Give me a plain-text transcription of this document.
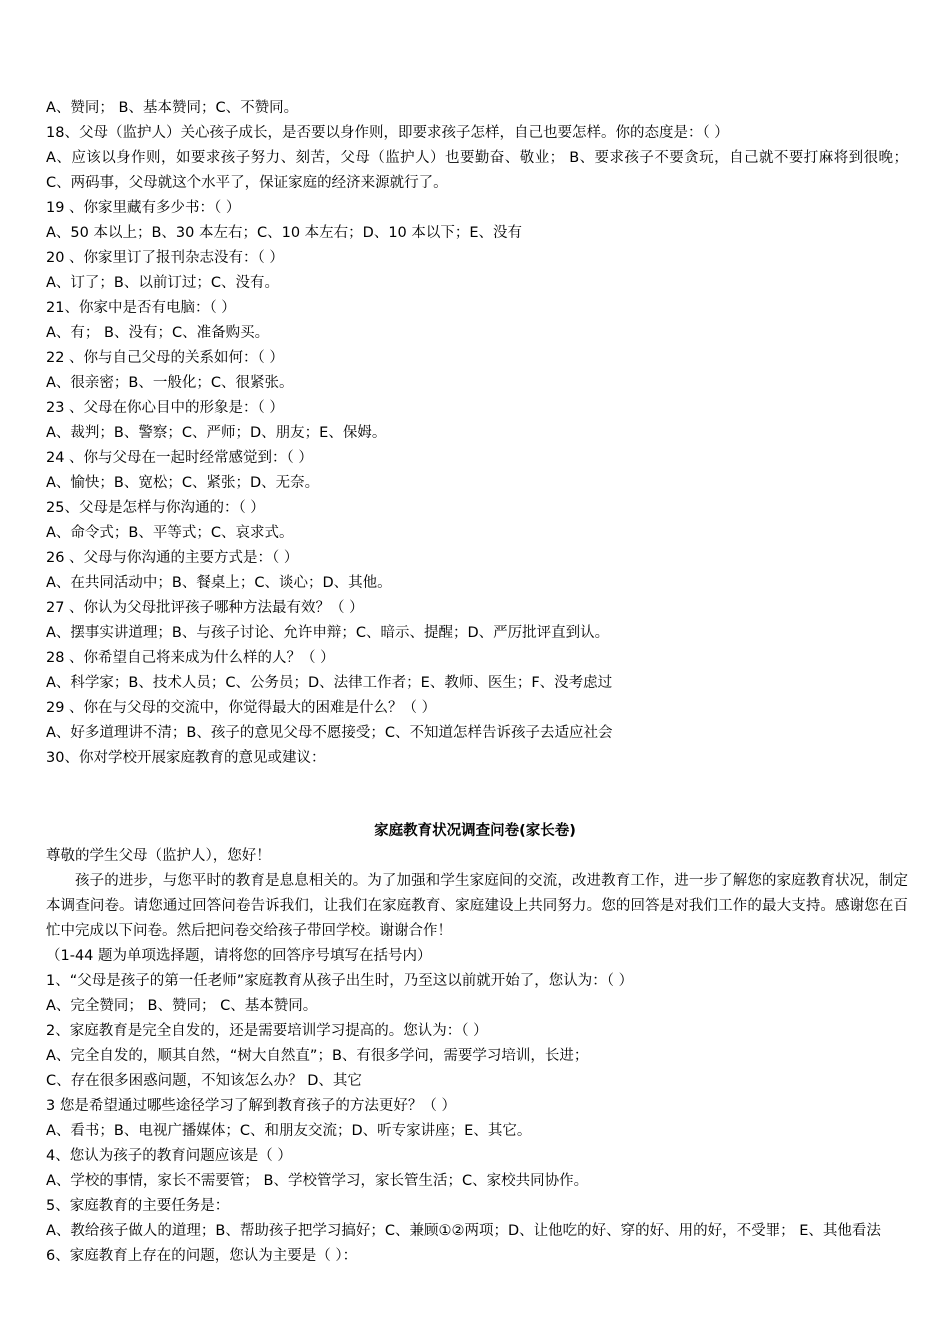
A、赞同； B、基本赞同；C、不赞同。
18、父母（监护人）关心孩子成长，是否要以身作则，即要求孩子怎样，自己也要怎样。你的态度是：（ ）
A、应该以身作则，如要求孩子努力、刻苦，父母（监护人）也要勤奋、敬业； B、要求孩子不要贪玩，自己就不要打麻将到很晚； C、两码事，父母就这个水平了，保证家庭的经济来源就行了。
19 、你家里藏有多少书：（ ）
A、50 本以上；B、30 本左右；C、10 本左右；D、10 本以下；E、没有
20 、你家里订了报刊杂志没有：（ ）
A、订了；B、以前订过；C、没有。
21、你家中是否有电脑：（ ）
A、有； B、没有；C、准备购买。
22 、你与自己父母的关系如何：（ ）
A、很亲密；B、一般化；C、很紧张。
23 、父母在你心目中的形象是：（ ）
A、裁判；B、警察；C、严师；D、朋友；E、保姆。
24 、你与父母在一起时经常感觉到：（ ）
A、愉快；B、宽松；C、紧张；D、无奈。
25、父母是怎样与你沟通的：（ ）
A、命令式；B、平等式；C、哀求式。
26 、父母与你沟通的主要方式是：（ ）
A、在共同活动中；B、餐桌上；C、谈心；D、其他。
27 、你认为父母批评孩子哪种方法最有效？（ ）
A、摆事实讲道理；B、与孩子讨论、允许申辩；C、暗示、提醒；D、严厉批评直到认。
28 、你希望自己将来成为什么样的人？（ ）
A、科学家；B、技术人员；C、公务员；D、法律工作者；E、教师、医生；F、没考虑过
29 、你在与父母的交流中，你觉得最大的困难是什么？（ ）
A、好多道理讲不清；B、孩子的意见父母不愿接受；C、不知道怎样告诉孩子去适应社会
30、你对学校开展家庭教育的意见或建议：
家庭教育状况调查问卷(家长卷)
尊敬的学生父母（监护人），您好！
孩子的进步，与您平时的教育是息息相关的。为了加强和学生家庭间的交流，改进教育工作，进一步了解您的家庭教育状况，制定本调查问卷。请您通过回答问卷告诉我们，让我们在家庭教育、家庭建设上共同努力。您的回答是对我们工作的最大支持。感谢您在百忙中完成以下问卷。然后把问卷交给孩子带回学校。谢谢合作！
（1-44 题为单项选择题，请将您的回答序号填写在括号内）
1、“父母是孩子的第一任老师”家庭教育从孩子出生时，乃至这以前就开始了，您认为：（ ）
A、完全赞同； B、赞同； C、基本赞同。
2、家庭教育是完全自发的，还是需要培训学习提高的。您认为：（ ）
A、完全自发的，顺其自然，“树大自然直”；B、有很多学问，需要学习培训，长进；
C、存在很多困惑问题，不知该怎么办？ D、其它
3 您是希望通过哪些途径学习了解到教育孩子的方法更好？（ ）
A、看书；B、电视广播媒体；C、和朋友交流；D、听专家讲座；E、其它。
4、您认为孩子的教育问题应该是（ ）
A、学校的事情，家长不需要管； B、学校管学习，家长管生活；C、家校共同协作。
5、家庭教育的主要任务是：
A、教给孩子做人的道理；B、帮助孩子把学习搞好；C、兼顾①②两项；D、让他吃的好、穿的好、用的好，不受罪； E、其他看法
6、家庭教育上存在的问题，您认为主要是（ ）：
